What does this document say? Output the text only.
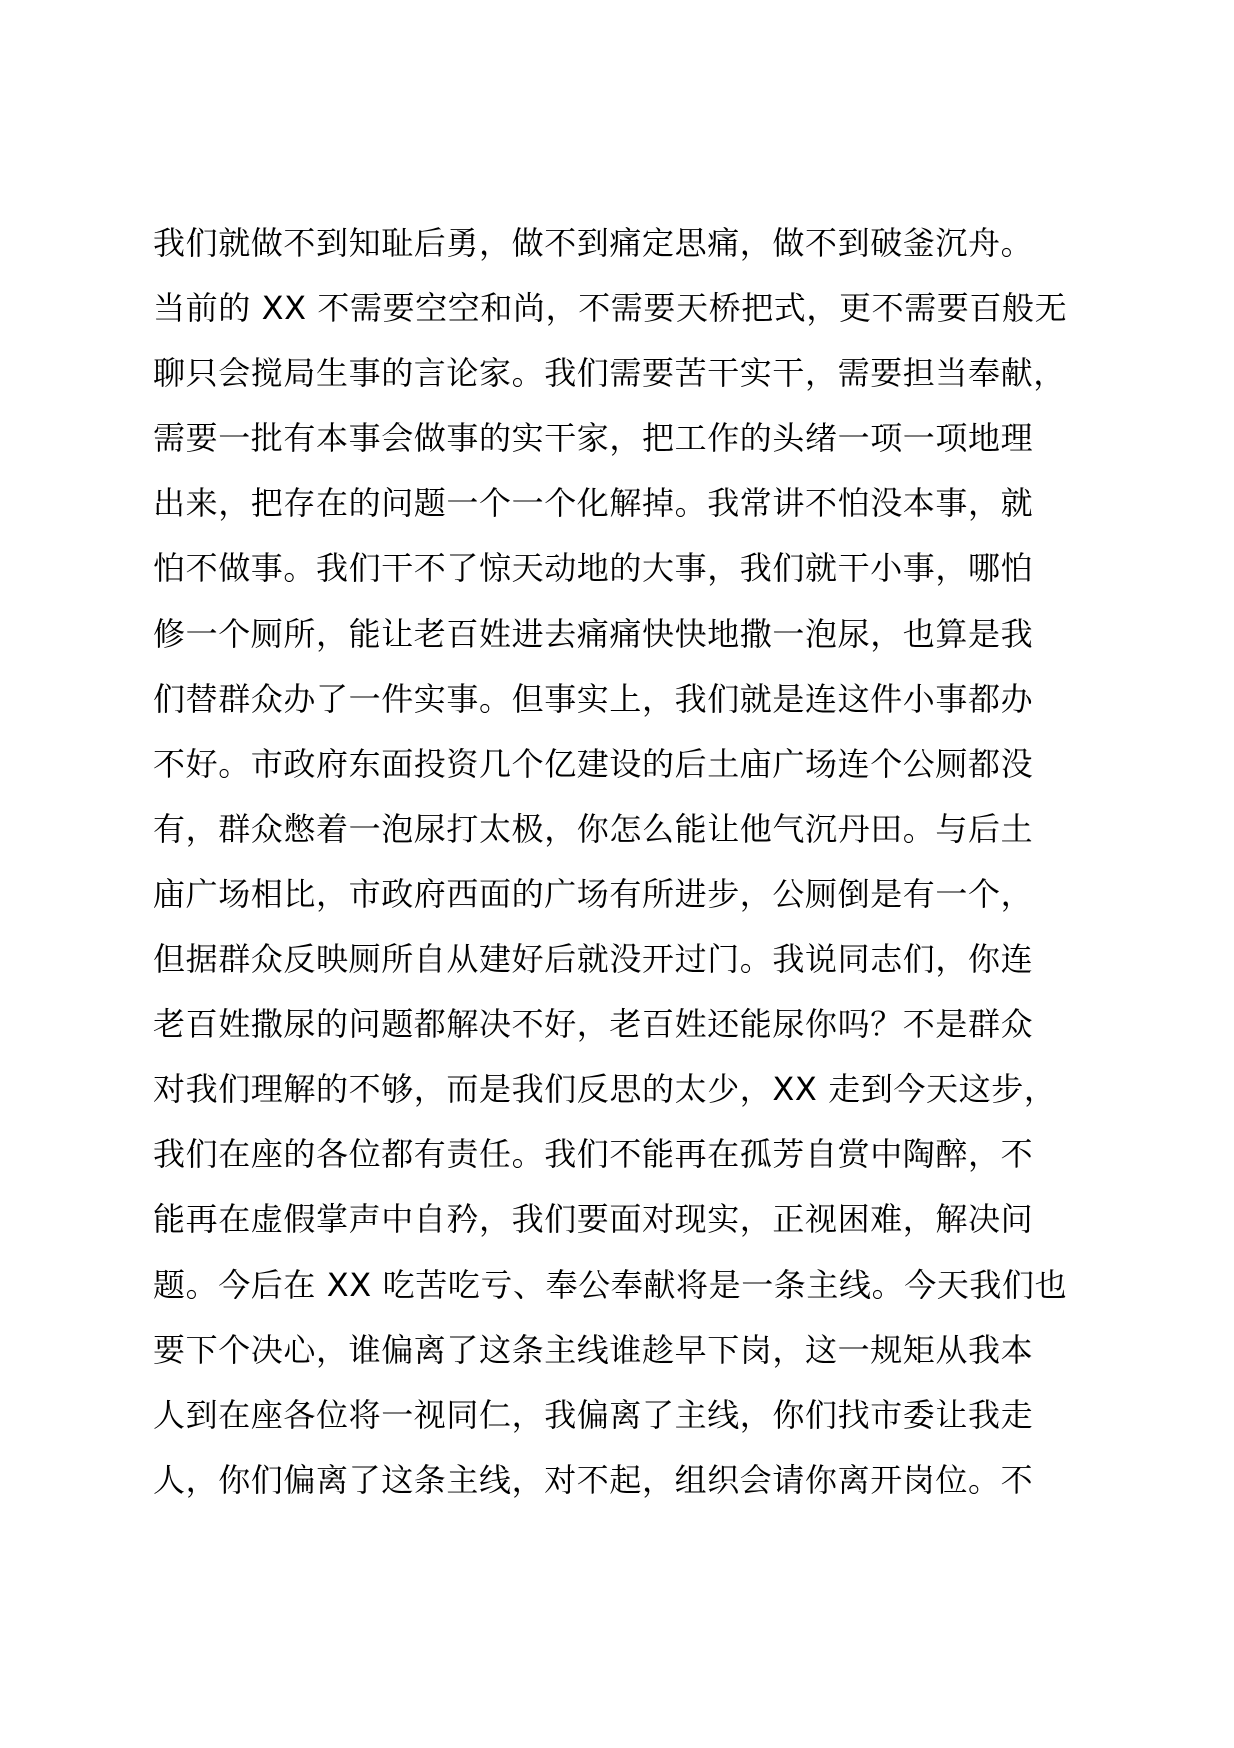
我们就做不到知耻后勇，做不到痛定思痛，做不到破釜沉舟。
当前的 XX 不需要空空和尚，不需要天桥把式，更不需要百般无
聊只会搅局生事的言论家。我们需要苦干实干，需要担当奉献，
需要一批有本事会做事的实干家，把工作的头绪一项一项地理
出来，把存在的问题一个一个化解掉。我常讲不怕没本事，就
怕不做事。我们干不了惊天动地的大事，我们就干小事，哪怕
修一个厕所，能让老百姓进去痛痛快快地撒一泡尿，也算是我
们替群众办了一件实事。但事实上，我们就是连这件小事都办
不好。市政府东面投资几个亿建设的后土庙广场连个公厕都没
有，群众憋着一泡尿打太极，你怎么能让他气沉丹田。与后土
庙广场相比，市政府西面的广场有所进步，公厕倒是有一个，
但据群众反映厕所自从建好后就没开过门。我说同志们，你连
老百姓撒尿的问题都解决不好，老百姓还能尿你吗？不是群众
对我们理解的不够，而是我们反思的太少，XX 走到今天这步，
我们在座的各位都有责任。我们不能再在孤芳自赏中陶醉，不
能再在虚假掌声中自矜，我们要面对现实，正视困难，解决问
题。今后在 XX 吃苦吃亏、奉公奉献将是一条主线。今天我们也
要下个决心，谁偏离了这条主线谁趁早下岗，这一规矩从我本
人到在座各位将一视同仁，我偏离了主线，你们找市委让我走
人，你们偏离了这条主线，对不起，组织会请你离开岗位。不
